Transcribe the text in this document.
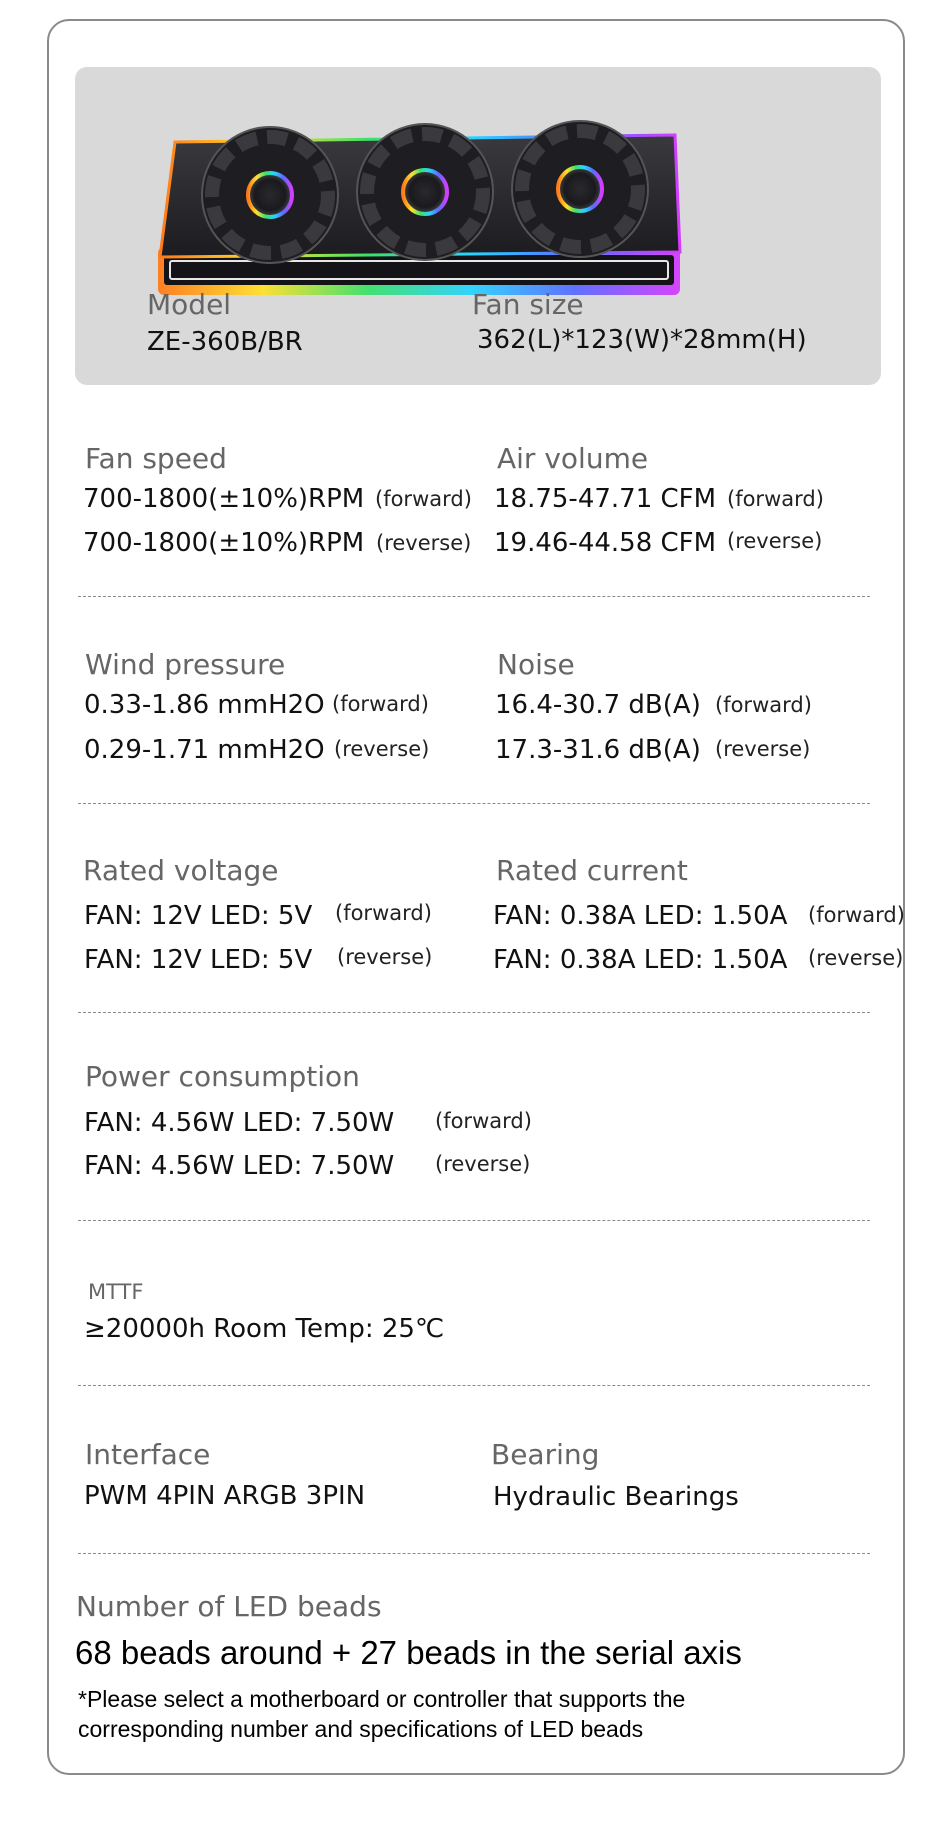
Model
ZE-360B/BR
Fan size
362(L)*123(W)*28mm(H)
Fan speed
700-1800(±10%)RPM (forward)
700-1800(±10%)RPM (reverse)
Air volume
18.75-47.71 CFM (forward)
19.46-44.58 CFM (reverse)
Wind pressure
0.33-1.86 mmH2O (forward)
0.29-1.71 mmH2O (reverse)
Noise
16.4-30.7 dB(A) (forward)
17.3-31.6 dB(A) (reverse)
Rated voltage
FAN: 12V LED: 5V (forward)
FAN: 12V LED: 5V (reverse)
Rated current
FAN: 0.38A LED: 1.50A (forward)
FAN: 0.38A LED: 1.50A (reverse)
Power consumption
FAN: 4.56W LED: 7.50W (forward)
FAN: 4.56W LED: 7.50W (reverse)
MTTF
≥20000h Room Temp: 25℃
Interface
PWM 4PIN ARGB 3PIN
Bearing
Hydraulic Bearings
Number of LED beads
68 beads around + 27 beads in the serial axis
*Please select a motherboard or controller that supports the
corresponding number and specifications of LED beads
